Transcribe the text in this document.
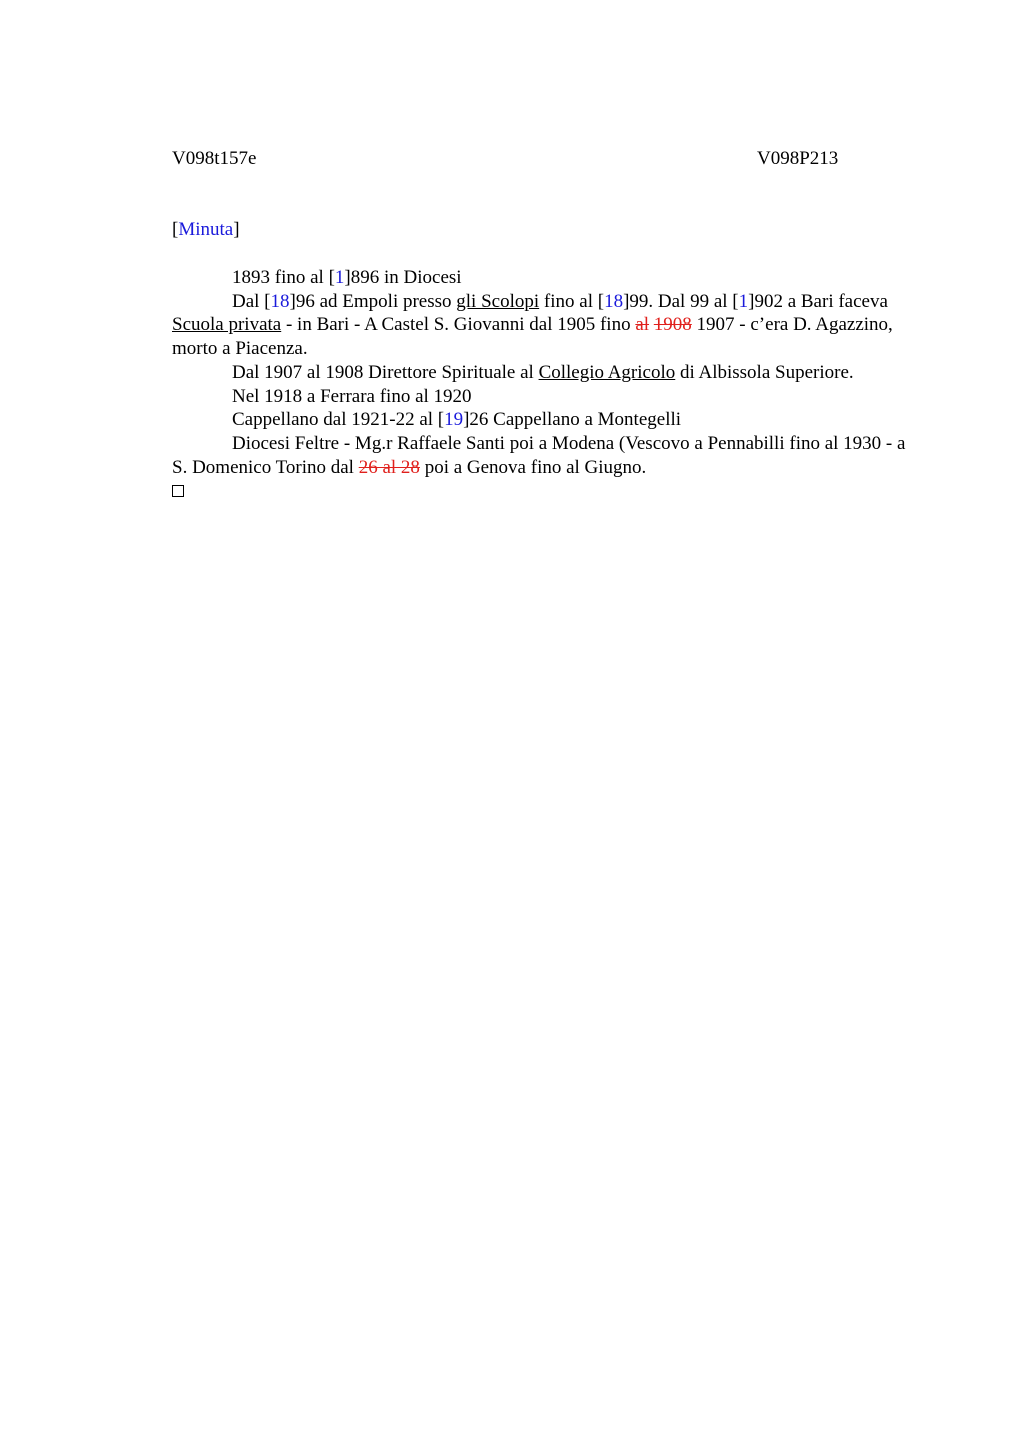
V098t157e	V098P213
[Minuta]

1893 fino al [1]896 in Diocesi

Dal [18]96 ad Empoli presso gli Scolopi fino al [18]99. Dal 99 al [1]902 a Bari faceva Scuola privata - in Bari - A Castel S. Giovanni dal 1905 fino al 1908 1907 - c’era D. Agazzino, morto a Piacenza.

Dal 1907 al 1908 Direttore Spirituale al Collegio Agricolo di Albissola Superiore.

Nel 1918 a Ferrara fino al 1920

Cappellano dal 1921-22 al [19]26 Cappellano a Montegelli

Diocesi Feltre - Mg.r Raffaele Santi poi a Modena (Vescovo a Pennabilli fino al 1930 - a S. Domenico Torino dal 26 al 28 poi a Genova fino al Giugno.
